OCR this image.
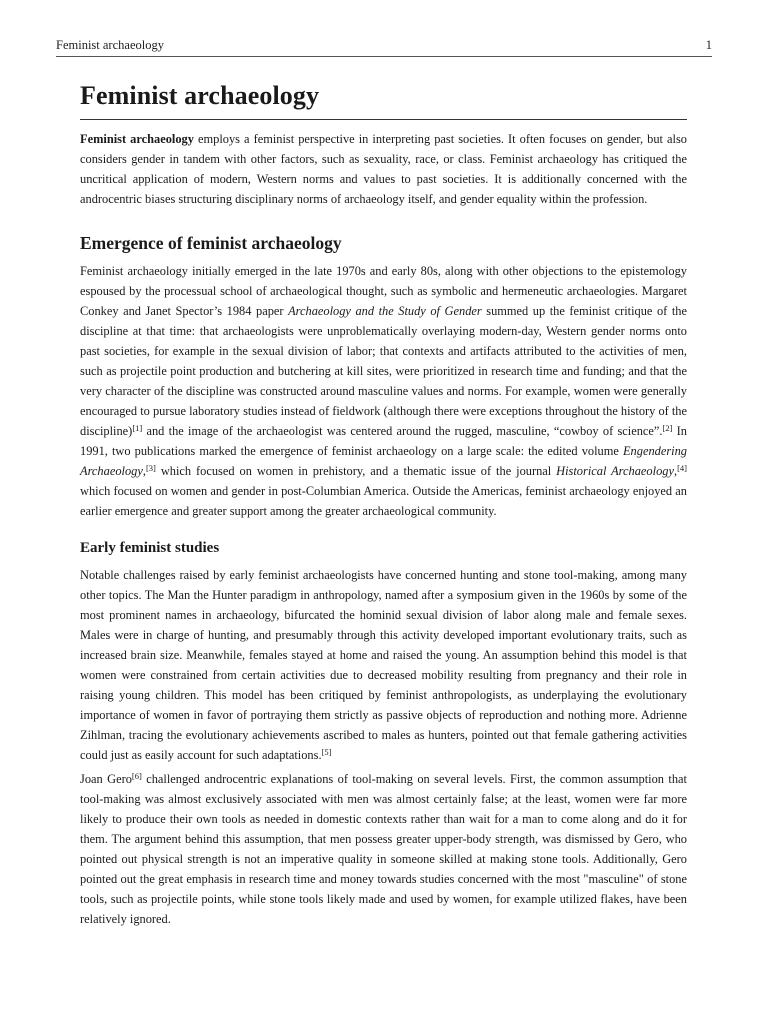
Feminist archaeology	1
Feminist archaeology

Feminist archaeology employs a feminist perspective in interpreting past societies. It often focuses on gender, but also considers gender in tandem with other factors, such as sexuality, race, or class. Feminist archaeology has critiqued the uncritical application of modern, Western norms and values to past societies. It is additionally concerned with the androcentric biases structuring disciplinary norms of archaeology itself, and gender equality within the profession.

Emergence of feminist archaeology

Feminist archaeology initially emerged in the late 1970s and early 80s, along with other objections to the epistemology espoused by the processual school of archaeological thought, such as symbolic and hermeneutic archaeologies. Margaret Conkey and Janet Spector’s 1984 paper Archaeology and the Study of Gender summed up the feminist critique of the discipline at that time: that archaeologists were unproblematically overlaying modern-day, Western gender norms onto past societies, for example in the sexual division of labor; that contexts and artifacts attributed to the activities of men, such as projectile point production and butchering at kill sites, were prioritized in research time and funding; and that the very character of the discipline was constructed around masculine values and norms. For example, women were generally encouraged to pursue laboratory studies instead of fieldwork (although there were exceptions throughout the history of the discipline)[1] and the image of the archaeologist was centered around the rugged, masculine, “cowboy of science”.[2] In 1991, two publications marked the emergence of feminist archaeology on a large scale: the edited volume Engendering Archaeology,[3] which focused on women in prehistory, and a thematic issue of the journal Historical Archaeology,[4] which focused on women and gender in post-Columbian America. Outside the Americas, feminist archaeology enjoyed an earlier emergence and greater support among the greater archaeological community.

Early feminist studies

Notable challenges raised by early feminist archaeologists have concerned hunting and stone tool-making, among many other topics. The Man the Hunter paradigm in anthropology, named after a symposium given in the 1960s by some of the most prominent names in archaeology, bifurcated the hominid sexual division of labor along male and female sexes. Males were in charge of hunting, and presumably through this activity developed important evolutionary traits, such as increased brain size. Meanwhile, females stayed at home and raised the young. An assumption behind this model is that women were constrained from certain activities due to decreased mobility resulting from pregnancy and their role in raising young children. This model has been critiqued by feminist anthropologists, as underplaying the evolutionary importance of women in favor of portraying them strictly as passive objects of reproduction and nothing more. Adrienne Zihlman, tracing the evolutionary achievements ascribed to males as hunters, pointed out that female gathering activities could just as easily account for such adaptations.[5]

Joan Gero[6] challenged androcentric explanations of tool-making on several levels. First, the common assumption that tool-making was almost exclusively associated with men was almost certainly false; at the least, women were far more likely to produce their own tools as needed in domestic contexts rather than wait for a man to come along and do it for them. The argument behind this assumption, that men possess greater upper-body strength, was dismissed by Gero, who pointed out physical strength is not an imperative quality in someone skilled at making stone tools. Additionally, Gero pointed out the great emphasis in research time and money towards studies concerned with the most "masculine" of stone tools, such as projectile points, while stone tools likely made and used by women, for example utilized flakes, have been relatively ignored.
